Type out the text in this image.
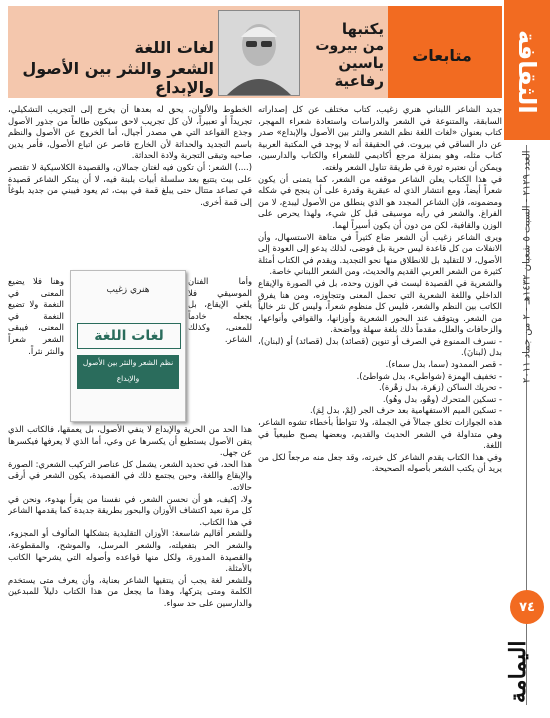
الثقافة
العدد ٢١٢٩ - السبت ٥ شعبان ١٤٣٢هـ - ٢ من جماد ٢٠١١
٧٤
اليمامة
متابعات
يكتبها
من بيروت
ياسين رفاعية
لغات اللغة
الشعر والنثر بين الأصول والإبداع

جديد الشاعر اللبناني هنري زغيب، كتاب مختلف عن كل إصداراته السابقة، والمتنوعة في الشعر والدراسات واستعادة شعراء المهجر، كتاب بعنوان «لغات اللغة نظم الشعر والنثر بين الأصول والإبداع» صدر عن دار الساقي في بيروت. في الحقيقة أنه لا يوجد في المكتبة العربية كتاب مثله، وهو بمنزلة مرجع أكاديمي للشعراء والكتاب والدارسين، ويمكن أن نعتبره ثورة في طريقة تناول الشعر ولغته.

في هذا الكتاب يعلن الشاعر موقفه من الشعر، كما يتمنى أن يكون شعراً أيضاً، ومع انتشار الذي له عبقرية وقدرة على أن ينجح في شكله ومضمونه، فإن الشاعر المجدد هو الذي ينطلق من الأصول ليبدع، لا من الفراغ. والشعر في رأيه موسيقى قبل كل شيء، ولهذا يحرص على الوزن والقافية، لكن من دون أن يكون أسيراً لهما.

ويرى الشاعر زغيب أن الشعر ضاع كثيراً في متاهة الاستسهال، وأن الانفلات من كل قاعدة ليس حرية بل فوضى، لذلك يدعو إلى العودة إلى الأصول، لا للتقليد بل للانطلاق منها نحو التجديد. ويقدم في الكتاب أمثلة كثيرة من الشعر العربي القديم والحديث، ومن الشعر اللبناني خاصة.

والشعرية في القصيدة ليست في الوزن وحده، بل في الصورة والإيقاع الداخلي واللغة الشعرية التي تحمل المعنى وتتجاوزه، ومن هنا يفرق الكاتب بين النظم والشعر، فليس كل منظوم شعراً، وليس كل نثر خالياً من الشعر. ويتوقف عند البحور الشعرية وأوزانها، والقوافي وأنواعها، والزحافات والعلل، مقدماً ذلك بلغة سهلة وواضحة.

- نسرف الممنوع في الصرف أو تنوين (قصائد) بدل (قصائد) أو (لبنان)، بدل (لبنانَ).

- قصر الممدود (سما، بدل سماء).

- تخفيف الهمزة (شواطيء، بدل شواطئ).

- تحريك الساكن (زهَرة، بدل زهْرة).

- تسكين المتحرك (وهْو، بدل وهُو).

- تسكين الميم الاستفهامية بعد حرف الجر (لِمْ، بدل لِمَ).

هذه الجوازات تخلق جمالاً في الجملة، ولا تتواطأ بأخطاء تشوه الشاعر، وهي متداولة في الشعر الحديث والقديم، وبعضها يصبح طبيعياً في اللغة.

وفي هذا الكتاب يقدم الشاعر كل خبرته، وقد جعل منه مرجعاً لكل من يريد أن يكتب الشعر بأصوله الصحيحة.

الخطوط والألوان، يحق له بعدها أن يخرج إلى التجريب التشكيلي، تجريداً أو تعبيراً، لأن كل تجريب لاحق سيكون طالعاً من جذور الأصول وجذع القواعد التي هي مصدر أجيال، أما الخروج عن الأصول والنظم باسم التجديد والحداثة لأن الخارج قاصر عن اتباع الأصول، فأمر يدين صاحبه وتبقى التجربة ولادة الحداثة.

(....) الشعر: أن تكون فيه لغتان جمالان، والقصيدة الكلاسيكية لا تقتصر على بيت يتتبع بعد سلسلة أبيات بلبنة فيه، لا أن يبتكر الشاعر قصيدة في تصاعد متتال حتى يبلغ قمة في بيت، ثم يعود فيبني من جديد بلوغاً إلى قمة أخرى.

وهنا فلا يضيع المعنى في النغمة ولا تضيع النغمة في المعنى، فيبقى الشعر شعراً والنثر نثراً.
وأما الفنان الموسيقي فلا يلغي الإيقاع، بل يجعله خادماً للمعنى، وكذلك الشاعر.
هنري زغيب
لغات اللغة
نظم الشعر والنثر بين الأصول والإبداع

هذا الحد من الحرية والإبداع لا ينفي الأصول، بل يعمقها، فالكاتب الذي يتقن الأصول يستطيع أن يكسرها عن وعي، أما الذي لا يعرفها فيكسرها عن جهل.

هذا الحد، في تحديد الشعر، يشمل كل عناصر التركيب الشعري: الصورة والإيقاع واللغة، وحين يجتمع ذلك في القصيدة، يكون الشعر في أرقى حالاته.

ولا، إكيف، هو أن نحسن الشعر، في نفسنا من يقرأ بهدوء، ونحن في كل مرة نعيد اكتشاف الأوزان والبحور بطريقة جديدة كما يقدمها الشاعر في هذا الكتاب.

وللشعر أقاليم شاسعة: الأوزان التقليدية بتشكلها المألوف أو المجزوء، والشعر الحر بتفعيلته، والشعر المرسل، والموشح، والمقطوعة، والقصيدة المدورة، ولكل منها قواعده وأصوله التي يشرحها الكاتب بالأمثلة.

وللشعر لغة يجب أن ينتقيها الشاعر بعناية، وأن يعرف متى يستخدم الكلمة ومتى يتركها، وهذا ما يجعل من هذا الكتاب دليلاً للمبدعين والدارسين على حد سواء.
